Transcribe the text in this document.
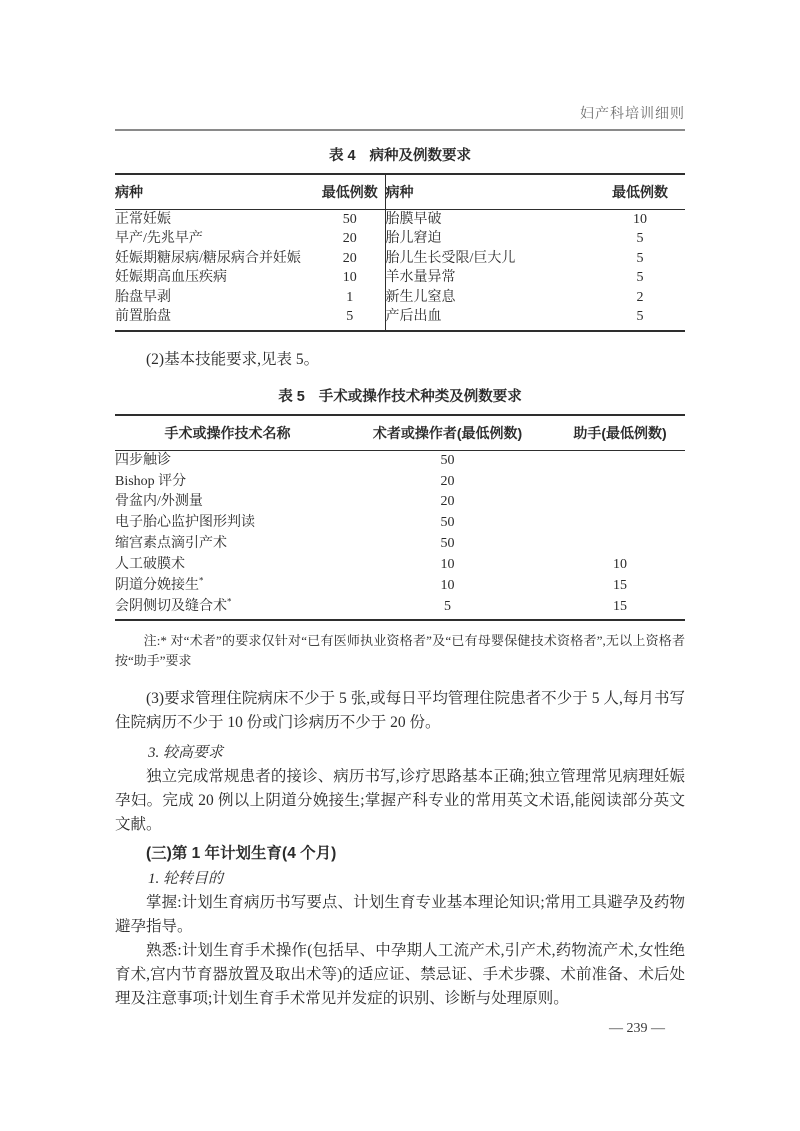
妇产科培训细则
表 4 病种及例数要求
病种	最低例数	病种	最低例数
正常妊娠	50	胎膜早破	10
早产/先兆早产	20	胎儿窘迫	5
妊娠期糖尿病/糖尿病合并妊娠	20	胎儿生长受限/巨大儿	5
妊娠期高血压疾病	10	羊水量异常	5
胎盘早剥	1	新生儿窒息	2
前置胎盘	5	产后出血	5

(2)基本技能要求,见表 5。

表 5 手术或操作技术种类及例数要求
手术或操作技术名称	术者或操作者(最低例数)	助手(最低例数)
四步触诊	50	
Bishop 评分	20	
骨盆内/外测量	20	
电子胎心监护图形判读	50	
缩宫素点滴引产术	50	
人工破膜术	10	10
阴道分娩接生*	10	15
会阴侧切及缝合术*	5	15
注:* 对“术者”的要求仅针对“已有医师执业资格者”及“已有母婴保健技术资格者”,无以上资格者按“助手”要求

(3)要求管理住院病床不少于 5 张,或每日平均管理住院患者不少于 5 人,每月书写住院病历不少于 10 份或门诊病历不少于 20 份。

3. 较高要求

独立完成常规患者的接诊、病历书写,诊疗思路基本正确;独立管理常见病理妊娠孕妇。完成 20 例以上阴道分娩接生;掌握产科专业的常用英文术语,能阅读部分英文文献。

(三)第 1 年计划生育(4 个月)

1. 轮转目的

掌握:计划生育病历书写要点、计划生育专业基本理论知识;常用工具避孕及药物避孕指导。

熟悉:计划生育手术操作(包括早、中孕期人工流产术,引产术,药物流产术,女性绝育术,宫内节育器放置及取出术等)的适应证、禁忌证、手术步骤、术前准备、术后处理及注意事项;计划生育手术常见并发症的识别、诊断与处理原则。

— 239 —
